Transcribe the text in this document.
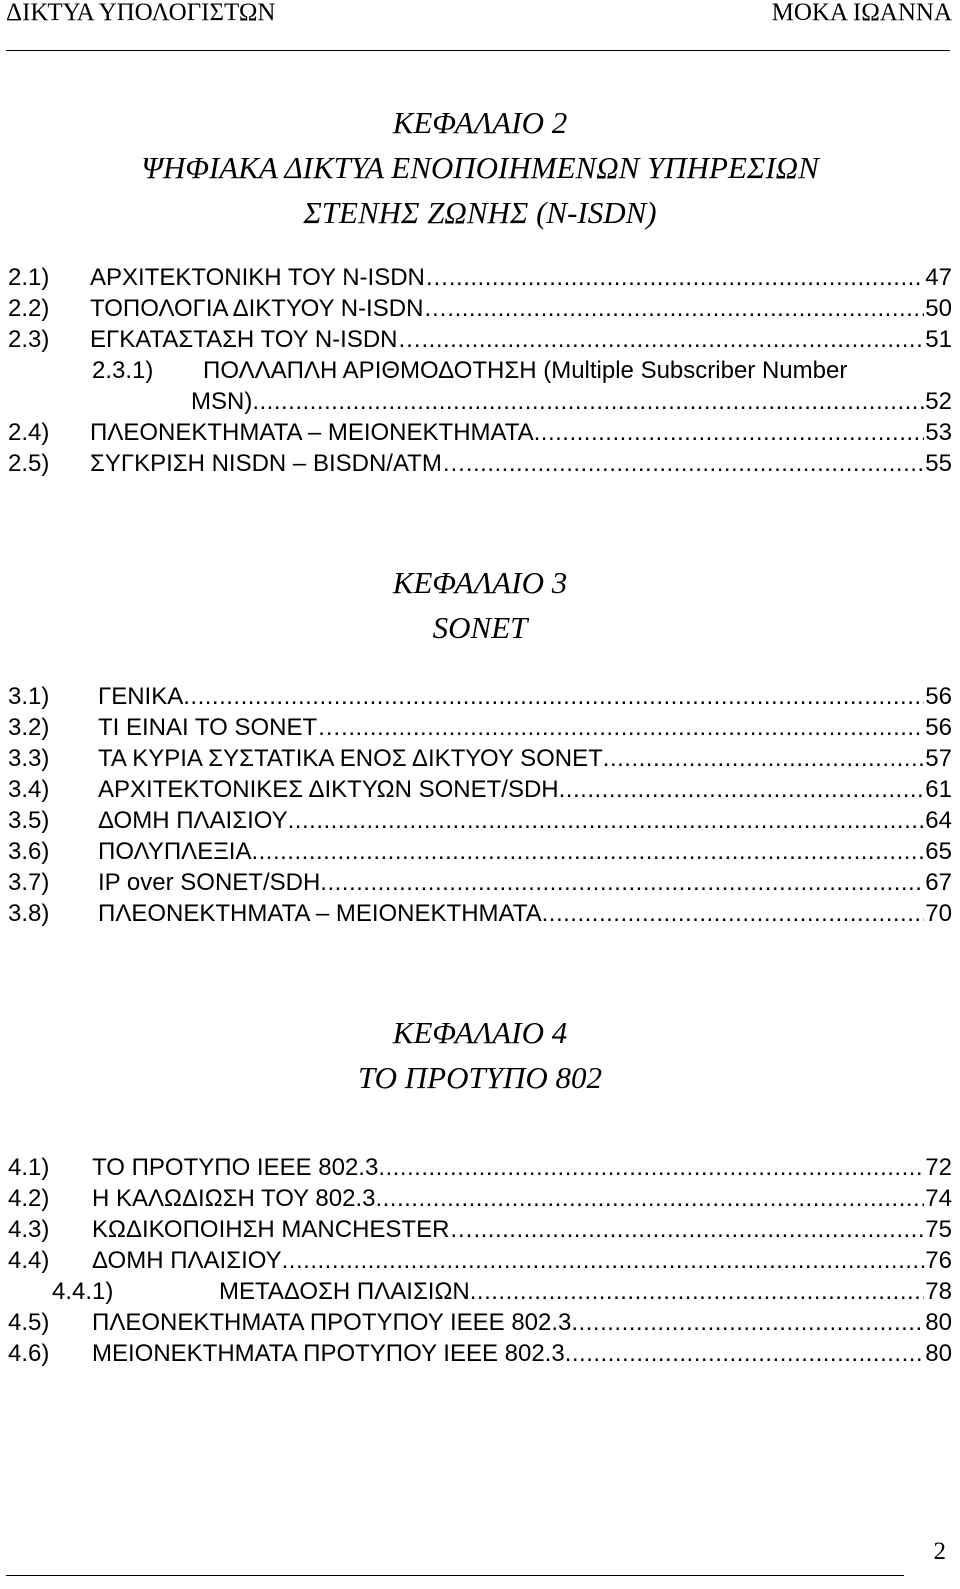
ΔΙΚΤΥΑ ΥΠΟΛΟΓΙΣΤΩΝ	ΜΟΚΑ ΙΩΑΝΝΑ
ΚΕΦΑΛΑΙΟ 2
ΨΗΦΙΑΚΑ ΔΙΚΤΥΑ ΕΝΟΠΟΙΗΜΕΝΩΝ ΥΠΗΡΕΣΙΩΝ
ΣΤΕΝΗΣ ΖΩΝΗΣ (N-ISDN)
2.1)	ΑΡΧΙΤΕΚΤΟΝΙΚΗ ΤΟΥ N-ISDN… .....	47
2.2)	ΤΟΠΟΛΟΓΙΑ ΔΙΚΤΥΟΥ N-ISDN… .....	50
2.3)	ΕΓΚΑΤΑΣΤΑΣΗ ΤΟΥ N-ISDN… .....	51
2.3.1)	ΠΟΛΛΑΠΛΗ ΑΡΙΘΜΟΔΟΤΗΣΗ (Multiple Subscriber Number
MSN) .....	52
2.4)	ΠΛΕΟΝΕΚΤΗΜΑΤΑ – ΜΕΙΟΝΕΚΤΗΜΑΤΑ .....	53
2.5)	ΣΥΓΚΡΙΣΗ NISDN – BISDN/ATM… .....	55
ΚΕΦΑΛΑΙΟ 3
SONET
3.1)	ΓΕΝΙΚΑ .....	56
3.2)	ΤΙ ΕΙΝΑΙ ΤΟ SONET… .....	56
3.3)	ΤΑ ΚΥΡΙΑ ΣΥΣΤΑΤΙΚΑ ΕΝΟΣ ΔΙΚΤΥΟΥ SONET .....	57
3.4)	ΑΡΧΙΤΕΚΤΟΝΙΚΕΣ ΔΙΚΤΥΩΝ SONET/SDH .....	61
3.5)	ΔΟΜΗ ΠΛΑΙΣΙΟΥ .....	64
3.6)	ΠΟΛΥΠΛΕΞΙΑ .....	65
3.7)	IP over SONET/SDH .....	67
3.8)	ΠΛΕΟΝΕΚΤΗΜΑΤΑ – ΜΕΙΟΝΕΚΤΗΜΑΤΑ .....	70
ΚΕΦΑΛΑΙΟ 4
ΤΟ ΠΡΟΤΥΠΟ 802
4.1)	ΤΟ ΠΡΟΤΥΠΟ IEEE 802.3 .....	72
4.2)	Η ΚΑΛΩΔΙΩΣΗ ΤΟΥ 802.3 .....	74
4.3)	ΚΩΔΙΚΟΠΟΙΗΣΗ MANCHESTER… .....	75
4.4)	ΔΟΜΗ ΠΛΑΙΣΙΟΥ .....	76
4.4.1)	ΜΕΤΑΔΟΣΗ ΠΛΑΙΣΙΩΝ .....	78
4.5)	ΠΛΕΟΝΕΚΤΗΜΑΤΑ ΠΡΟΤΥΠΟΥ IEEE 802.3 .....	80
4.6)	ΜΕΙΟΝΕΚΤΗΜΑΤΑ ΠΡΟΤΥΠΟΥ IEEE 802.3 .....	80
2
